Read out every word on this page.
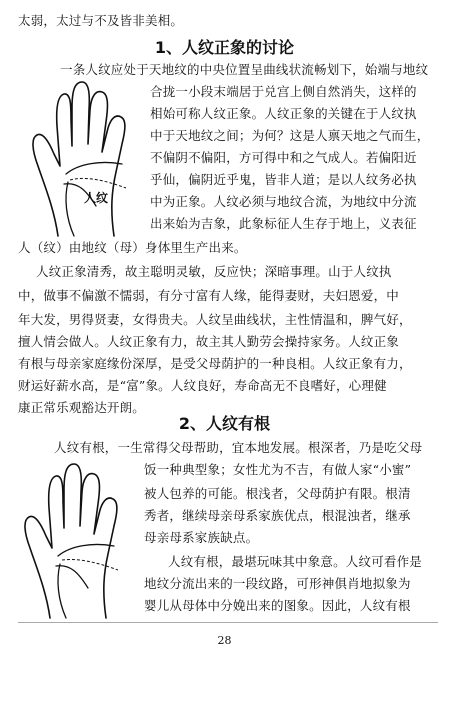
太弱，太过与不及皆非美相。
1、人纹正象的讨论
人纹
一条人纹应处于天地纹的中央位置呈曲线状流畅划下，始端与地纹
合拢一小段末端居于兑宫上侧自然消失，这样的
相始可称人纹正象。人纹正象的关键在于人纹执
中于天地纹之间；为何？这是人禀天地之气而生，
不偏阴不偏阳，方可得中和之气成人。若偏阳近
乎仙，偏阴近乎鬼，皆非人道；是以人纹务必执
中为正象。人纹必须与地纹合流，为地纹中分流
出来始为吉象，此象标征人生存于地上，义表征
人（纹）由地纹（母）身体里生产出来。
人纹正象清秀，故主聪明灵敏，反应快；深暗事理。山于人纹执
中，做事不偏激不懦弱，有分寸富有人缘，能得妻财，夫妇恩爱，中
年大发，男得贤妻，女得贵夫。人纹呈曲线状，主性情温和，脾气好，
擅人情会做人。人纹正象有力，故主其人勤劳会操持家务。人纹正象
有根与母亲家庭缘份深厚，是受父母荫护的一种良相。人纹正象有力，
财运好薪水高，是“富”象。人纹良好，寿命高无不良嗜好，心理健
康正常乐观豁达开朗。
2、人纹有根
人纹有根，一生常得父母帮助，宜本地发展。根深者，乃是吃父母
饭一种典型象；女性尤为不吉，有做人家“小蜜”
被人包养的可能。根浅者，父母荫护有限。根清
秀者，继续母亲母系家族优点，根混浊者，继承
母亲母系家族缺点。
人纹有根，最堪玩味其中象意。人纹可看作是
地纹分流出来的一段纹路，可形神俱肖地拟象为
婴儿从母体中分娩出来的图象。因此，人纹有根
28
